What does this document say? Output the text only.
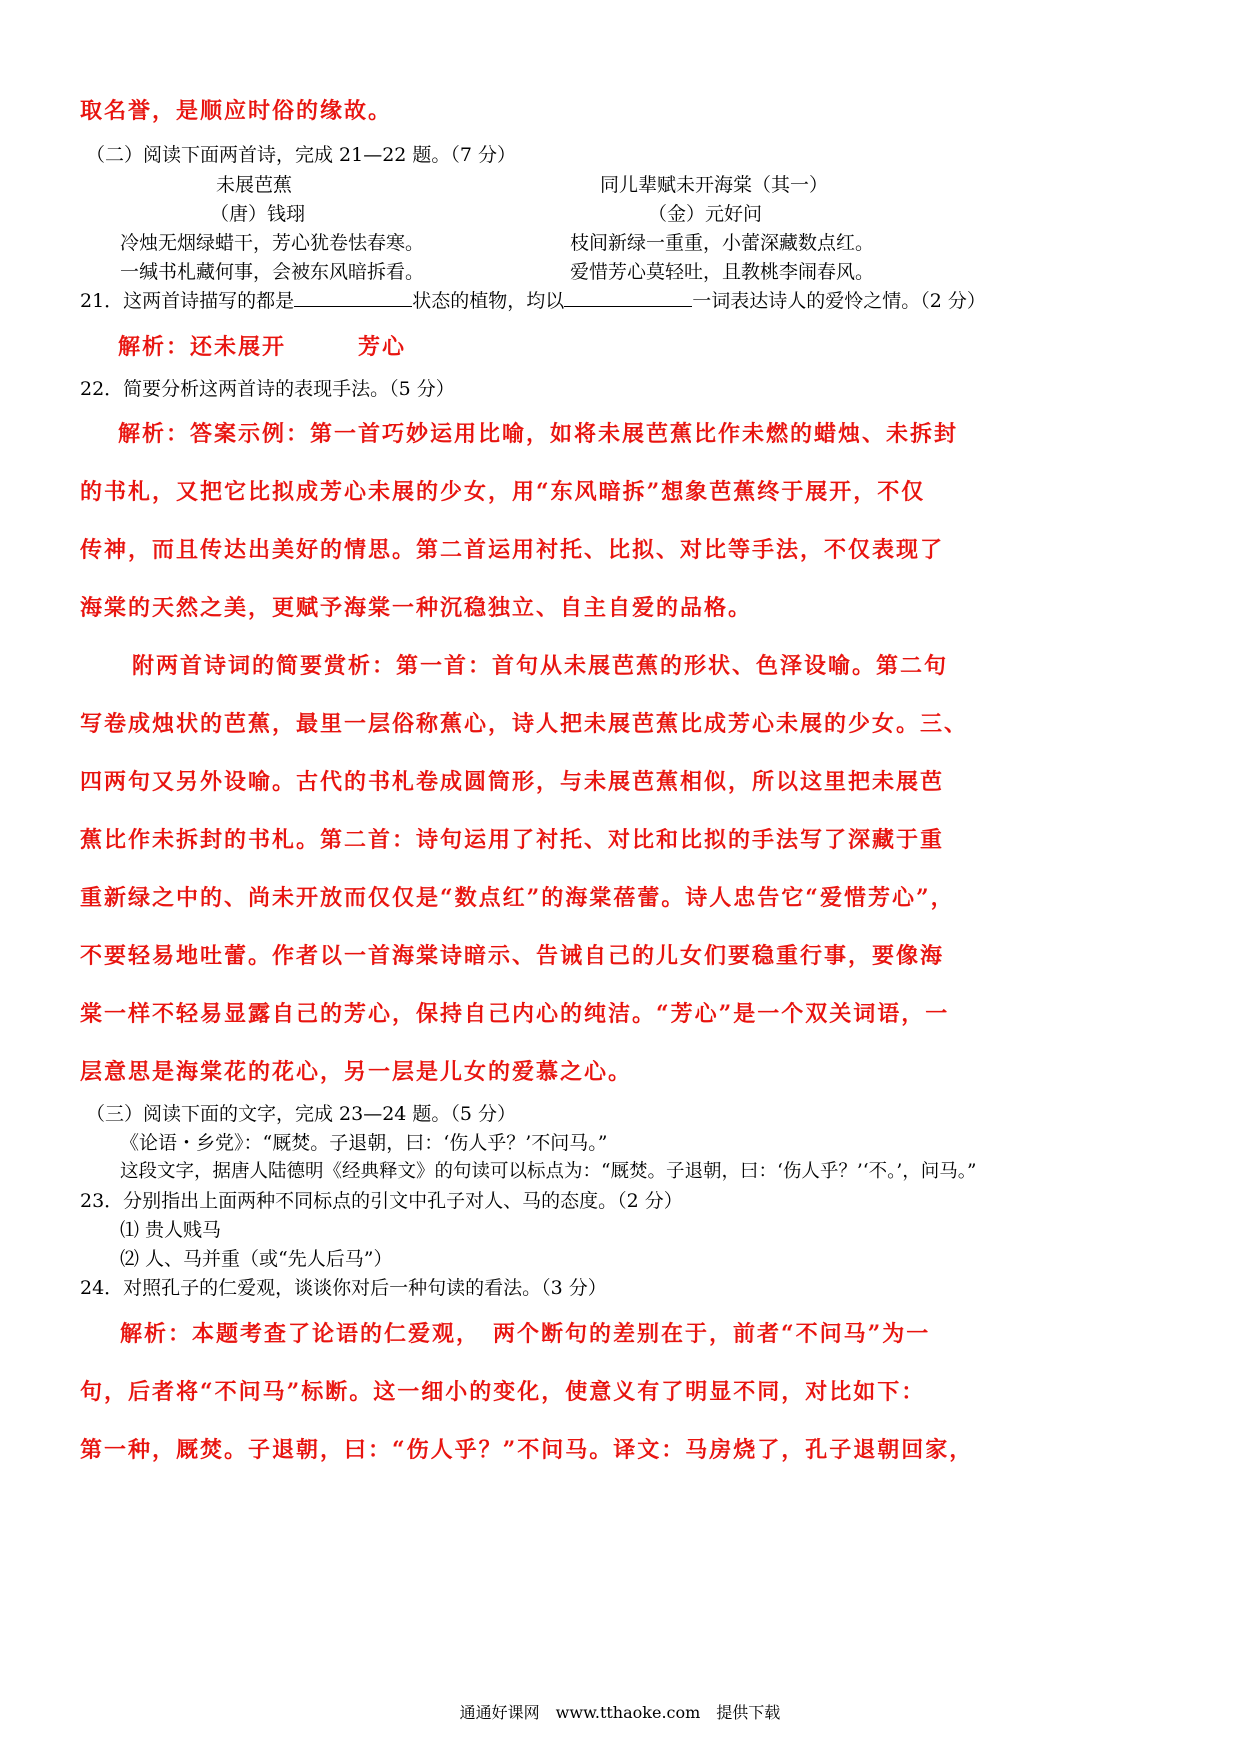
取名誉，是顺应时俗的缘故。
（二）阅读下面两首诗，完成 21—22 题。（7 分）
未展芭蕉
（唐）钱珝
冷烛无烟绿蜡干，芳心犹卷怯春寒。
一缄书札藏何事，会被东风暗拆看。
同儿辈赋未开海棠（其一）
（金）元好问
枝间新绿一重重，小蕾深藏数点红。
爱惜芳心莫轻吐，且教桃李闹春风。
21．这两首诗描写的都是	状态的植物，均以	一词表达诗人的爱怜之情。（2 分）
解析：还未展开　　　芳心
22．简要分析这两首诗的表现手法。（5 分）
解析：答案示例：第一首巧妙运用比喻，如将未展芭蕉比作未燃的蜡烛、未拆封
的书札，又把它比拟成芳心未展的少女，用“东风暗拆”想象芭蕉终于展开，不仅
传神，而且传达出美好的情思。第二首运用衬托、比拟、对比等手法，不仅表现了
海棠的天然之美，更赋予海棠一种沉稳独立、自主自爱的品格。
附两首诗词的简要赏析：第一首：首句从未展芭蕉的形状、色泽设喻。第二句
写卷成烛状的芭蕉，最里一层俗称蕉心，诗人把未展芭蕉比成芳心未展的少女。三、
四两句又另外设喻。古代的书札卷成圆筒形，与未展芭蕉相似，所以这里把未展芭
蕉比作未拆封的书札。第二首：诗句运用了衬托、对比和比拟的手法写了深藏于重
重新绿之中的、尚未开放而仅仅是“数点红”的海棠蓓蕾。诗人忠告它“爱惜芳心”，
不要轻易地吐蕾。作者以一首海棠诗暗示、告诫自己的儿女们要稳重行事，要像海
棠一样不轻易显露自己的芳心，保持自己内心的纯洁。“芳心”是一个双关词语，一
层意思是海棠花的花心，另一层是儿女的爱慕之心。
（三）阅读下面的文字，完成 23—24 题。（5 分）
《论语・乡党》：“厩焚。子退朝，曰：‘伤人乎？’不问马。”
这段文字，据唐人陆德明《经典释文》的句读可以标点为：“厩焚。子退朝，曰：‘伤人乎？’‘不。’，问马。”
23．分别指出上面两种不同标点的引文中孔子对人、马的态度。（2 分）
⑴ 贵人贱马
⑵ 人、马并重（或“先人后马”）
24．对照孔子的仁爱观，谈谈你对后一种句读的看法。（3 分）
解析：本题考查了论语的仁爱观，　两个断句的差别在于，前者“不问马”为一
句，后者将“不问马”标断。这一细小的变化，使意义有了明显不同，对比如下：
第一种，厩焚。子退朝，曰：“伤人乎？”不问马。译文：马房烧了，孔子退朝回家，
通通好课网　www.tthaoke.com　提供下载
